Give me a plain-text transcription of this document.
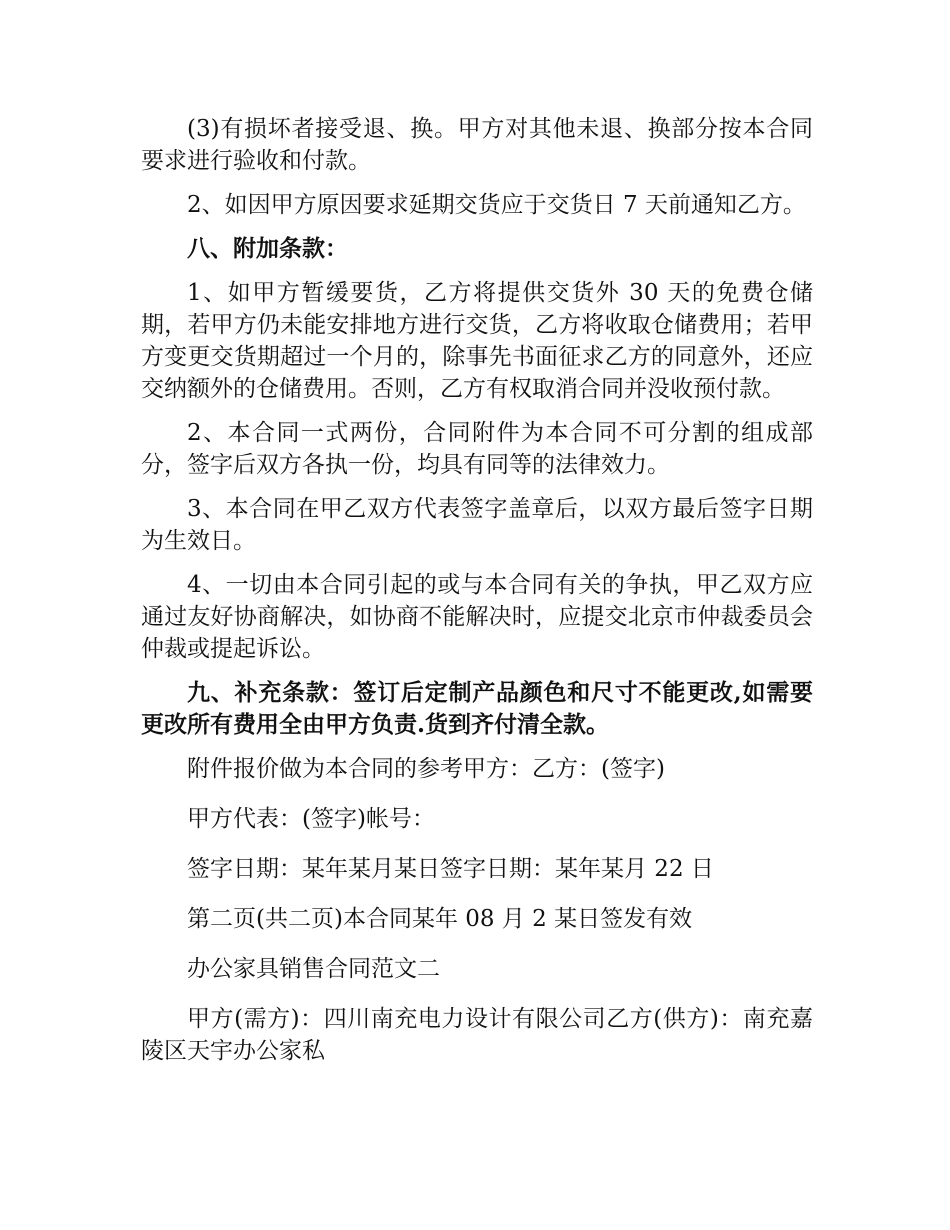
(3)有损坏者接受退、换。甲方对其他未退、换部分按本合同要求进行验收和付款。

2、如因甲方原因要求延期交货应于交货日 7 天前通知乙方。

八、附加条款：

1、如甲方暂缓要货，乙方将提供交货外 30 天的免费仓储期，若甲方仍未能安排地方进行交货，乙方将收取仓储费用；若甲方变更交货期超过一个月的，除事先书面征求乙方的同意外，还应交纳额外的仓储费用。否则，乙方有权取消合同并没收预付款。

2、本合同一式两份，合同附件为本合同不可分割的组成部分，签字后双方各执一份，均具有同等的法律效力。

3、本合同在甲乙双方代表签字盖章后，以双方最后签字日期为生效日。

4、一切由本合同引起的或与本合同有关的争执，甲乙双方应通过友好协商解决，如协商不能解决时，应提交北京市仲裁委员会仲裁或提起诉讼。

九、补充条款：签订后定制产品颜色和尺寸不能更改,如需要更改所有费用全由甲方负责.货到齐付清全款。

附件报价做为本合同的参考甲方：乙方：(签字)

甲方代表：(签字)帐号：

签字日期：某年某月某日签字日期：某年某月 22 日

第二页(共二页)本合同某年 08 月 2 某日签发有效

办公家具销售合同范文二

甲方(需方)：四川南充电力设计有限公司乙方(供方)：南充嘉陵区天宇办公家私
